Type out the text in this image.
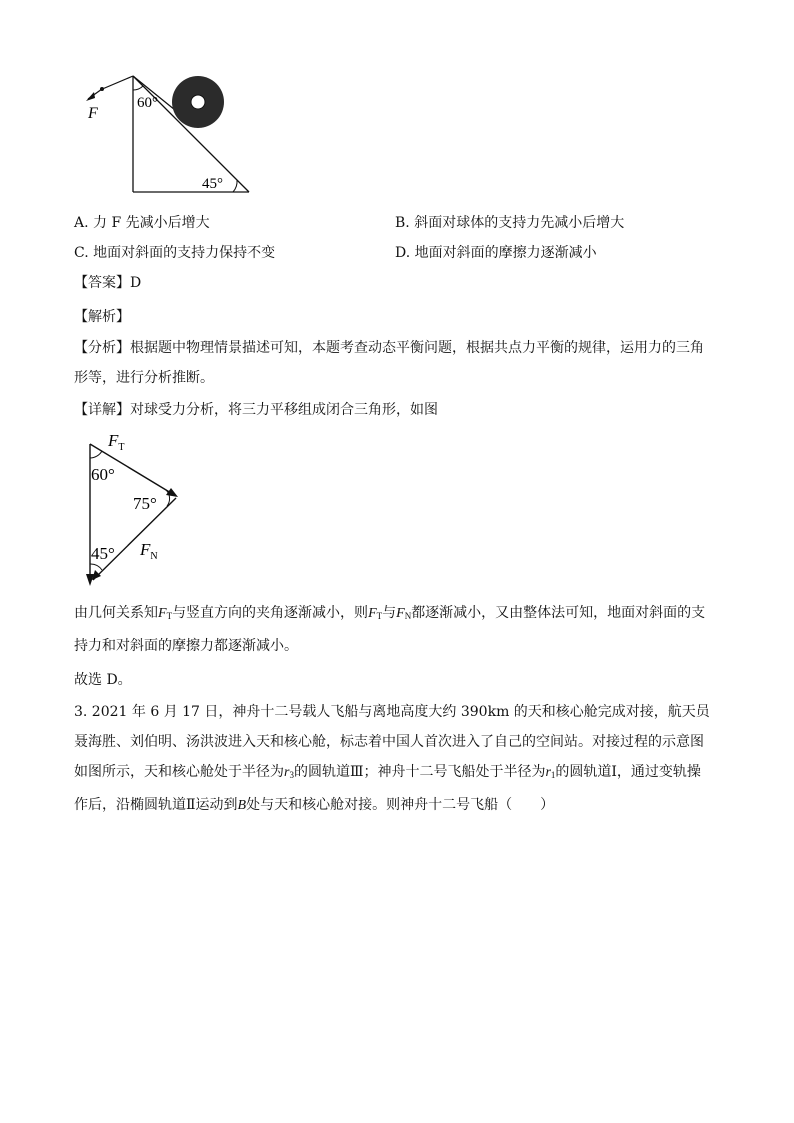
F
60°
45°
A. 力 F 先减小后增大	B. 斜面对球体的支持力先减小后增大
C. 地面对斜面的支持力保持不变	D. 地面对斜面的摩擦力逐渐减小
【答案】D
【解析】
【分析】根据题中物理情景描述可知，本题考查动态平衡问题，根据共点力平衡的规律，运用力的三角形等，进行分析推断。
【详解】对球受力分析，将三力平移组成闭合三角形，如图
$F_T$
60°
75°
45° $F_N$
由几何关系知$F_T$与竖直方向的夹角逐渐减小，则$F_T$与$F_N$都逐渐减小，又由整体法可知，地面对斜面的支持力和对斜面的摩擦力都逐渐减小。
故选 D。
3. 2021 年 6 月 17 日，神舟十二号载人飞船与离地高度大约 390km 的天和核心舱完成对接，航天员聂海胜、刘伯明、汤洪波进入天和核心舱，标志着中国人首次进入了自己的空间站。对接过程的示意图如图所示，天和核心舱处于半径为$r_3$的圆轨道Ⅲ；神舟十二号飞船处于半径为$r_1$的圆轨道Ⅰ，通过变轨操作后，沿椭圆轨道Ⅱ运动到B处与天和核心舱对接。则神舟十二号飞船（　　）
